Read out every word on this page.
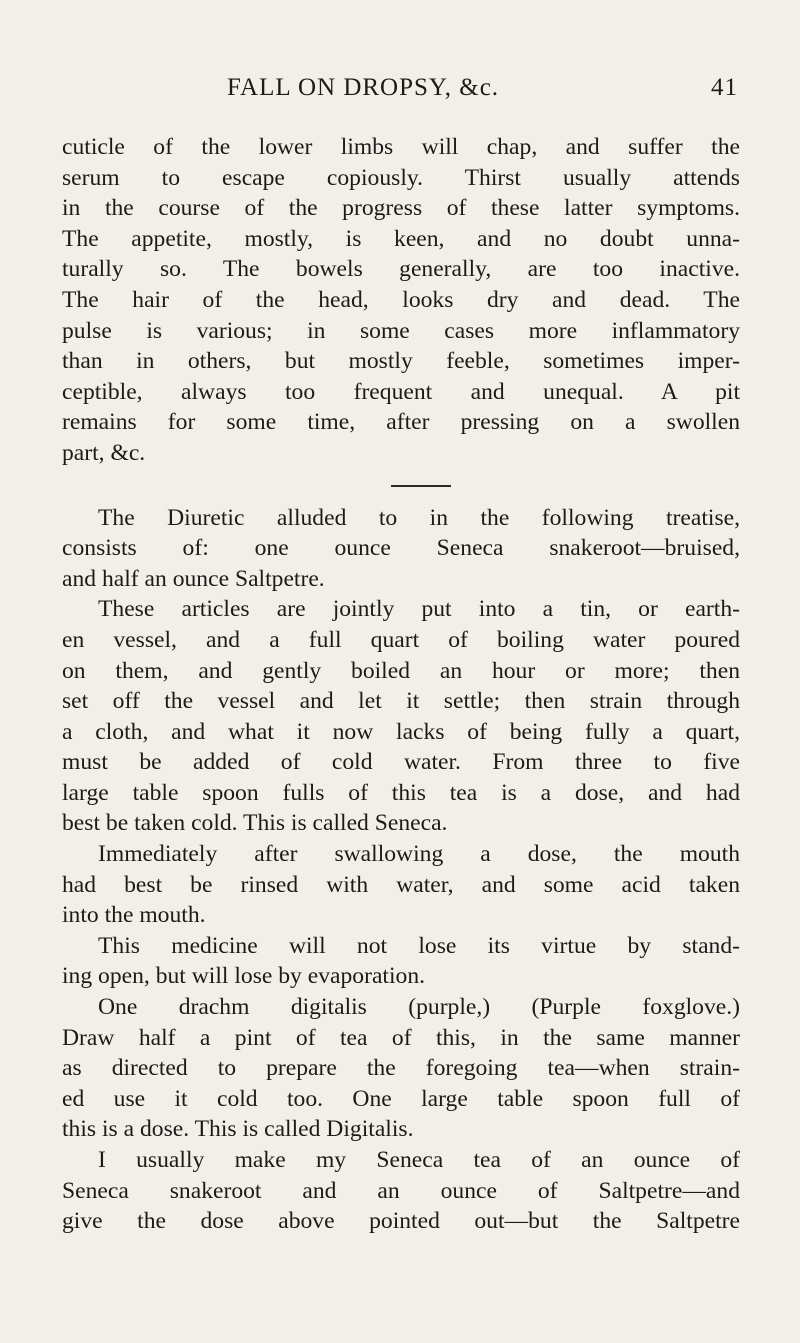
FALL ON DROPSY, &c.	41
cuticle of the lower limbs will chap, and suffer the
serum to escape copiously. Thirst usually attends
in the course of the progress of these latter symptoms.
The appetite, mostly, is keen, and no doubt unna-
turally so. The bowels generally, are too inactive.
The hair of the head, looks dry and dead. The
pulse is various; in some cases more inflammatory
than in others, but mostly feeble, sometimes imper-
ceptible, always too frequent and unequal. A pit
remains for some time, after pressing on a swollen
part, &c.
The Diuretic alluded to in the following treatise,
consists of: one ounce Seneca snakeroot—bruised,
and half an ounce Saltpetre.
These articles are jointly put into a tin, or earth-
en vessel, and a full quart of boiling water poured
on them, and gently boiled an hour or more; then
set off the vessel and let it settle; then strain through
a cloth, and what it now lacks of being fully a quart,
must be added of cold water. From three to five
large table spoon fulls of this tea is a dose, and had
best be taken cold. This is called Seneca.
Immediately after swallowing a dose, the mouth
had best be rinsed with water, and some acid taken
into the mouth.
This medicine will not lose its virtue by stand-
ing open, but will lose by evaporation.
One drachm digitalis (purple,) (Purple foxglove.)
Draw half a pint of tea of this, in the same manner
as directed to prepare the foregoing tea—when strain-
ed use it cold too. One large table spoon full of
this is a dose. This is called Digitalis.
I usually make my Seneca tea of an ounce of
Seneca snakeroot and an ounce of Saltpetre—and
give the dose above pointed out—but the Saltpetre
